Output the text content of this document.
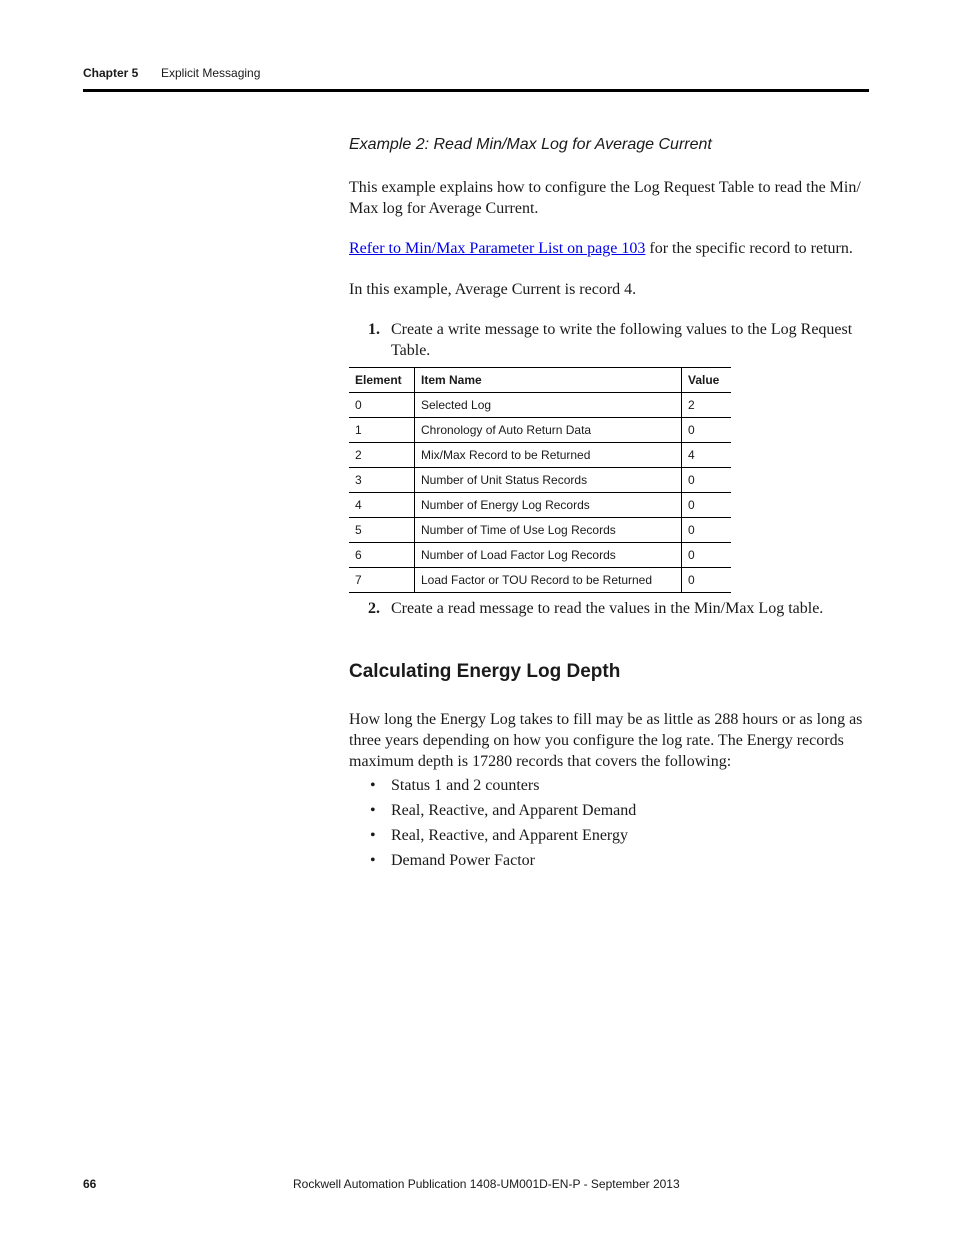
Chapter 5 Explicit Messaging
Example 2: Read Min/Max Log for Average Current

This example explains how to configure the Log Request Table to read the Min/ Max log for Average Current.

Refer to Min/Max Parameter List on page 103 for the specific record to return.

In this example, Average Current is record 4.

1. Create a write message to write the following values to the Log Request Table.
Element	Item Name	Value
0	Selected Log	2
1	Chronology of Auto Return Data	0
2	Mix/Max Record to be Returned	4
3	Number of Unit Status Records	0
4	Number of Energy Log Records	0
5	Number of Time of Use Log Records	0
6	Number of Load Factor Log Records	0
7	Load Factor or TOU Record to be Returned	0
2. Create a read message to read the values in the Min/Max Log table.
Calculating Energy Log Depth

How long the Energy Log takes to fill may be as little as 288 hours or as long as three years depending on how you configure the log rate. The Energy records maximum depth is 17280 records that covers the following:

• Status 1 and 2 counters
• Real, Reactive, and Apparent Demand
• Real, Reactive, and Apparent Energy
• Demand Power Factor
66	Rockwell Automation Publication 1408-UM001D-EN-P - September 2013
